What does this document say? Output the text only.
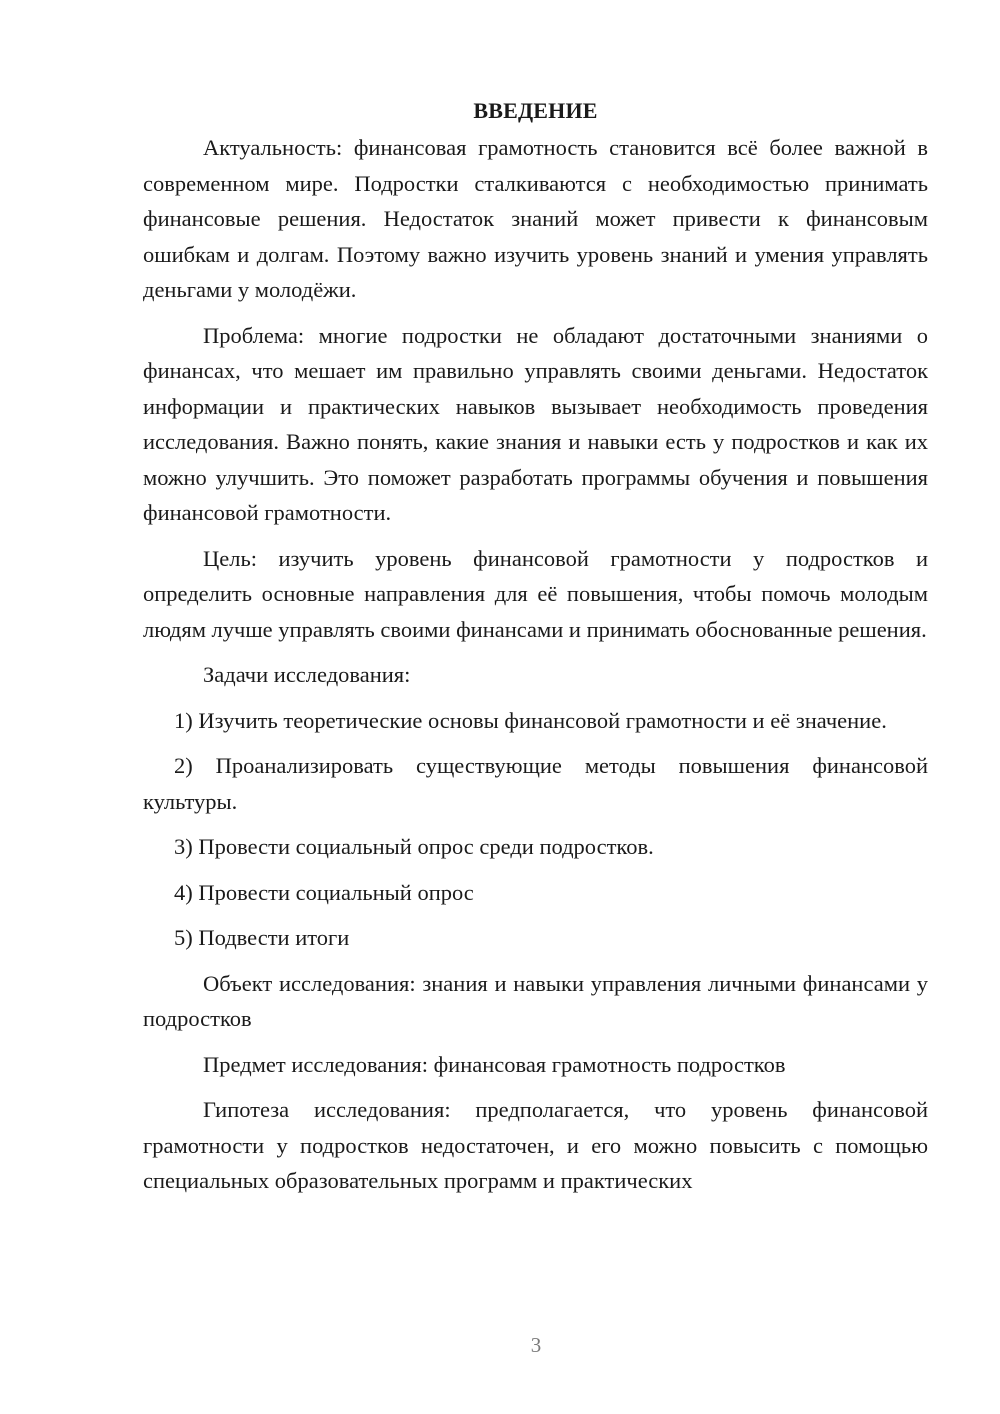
ВВЕДЕНИЕ

Актуальность: финансовая грамотность становится всё более важной в современном мире. Подростки сталкиваются с необходимостью принимать финансовые решения. Недостаток знаний может привести к финансовым ошибкам и долгам. Поэтому важно изучить уровень знаний и умения управлять деньгами у молодёжи.

Проблема: многие подростки не обладают достаточными знаниями о финансах, что мешает им правильно управлять своими деньгами. Недостаток информации и практических навыков вызывает необходимость проведения исследования. Важно понять, какие знания и навыки есть у подростков и как их можно улучшить. Это поможет разработать программы обучения и повышения финансовой грамотности.

Цель: изучить уровень финансовой грамотности у подростков и определить основные направления для её повышения, чтобы помочь молодым людям лучше управлять своими финансами и принимать обоснованные решения.

Задачи исследования:

1) Изучить теоретические основы финансовой грамотности и её значение.

2) Проанализировать существующие методы повышения финансовой культуры.

3) Провести социальный опрос среди подростков.

4) Провести социальный опрос

5) Подвести итоги

Объект исследования: знания и навыки управления личными финансами у подростков

Предмет исследования: финансовая грамотность подростков

Гипотеза исследования: предполагается, что уровень финансовой грамотности у подростков недостаточен, и его можно повысить с помощью специальных образовательных программ и практических

3
